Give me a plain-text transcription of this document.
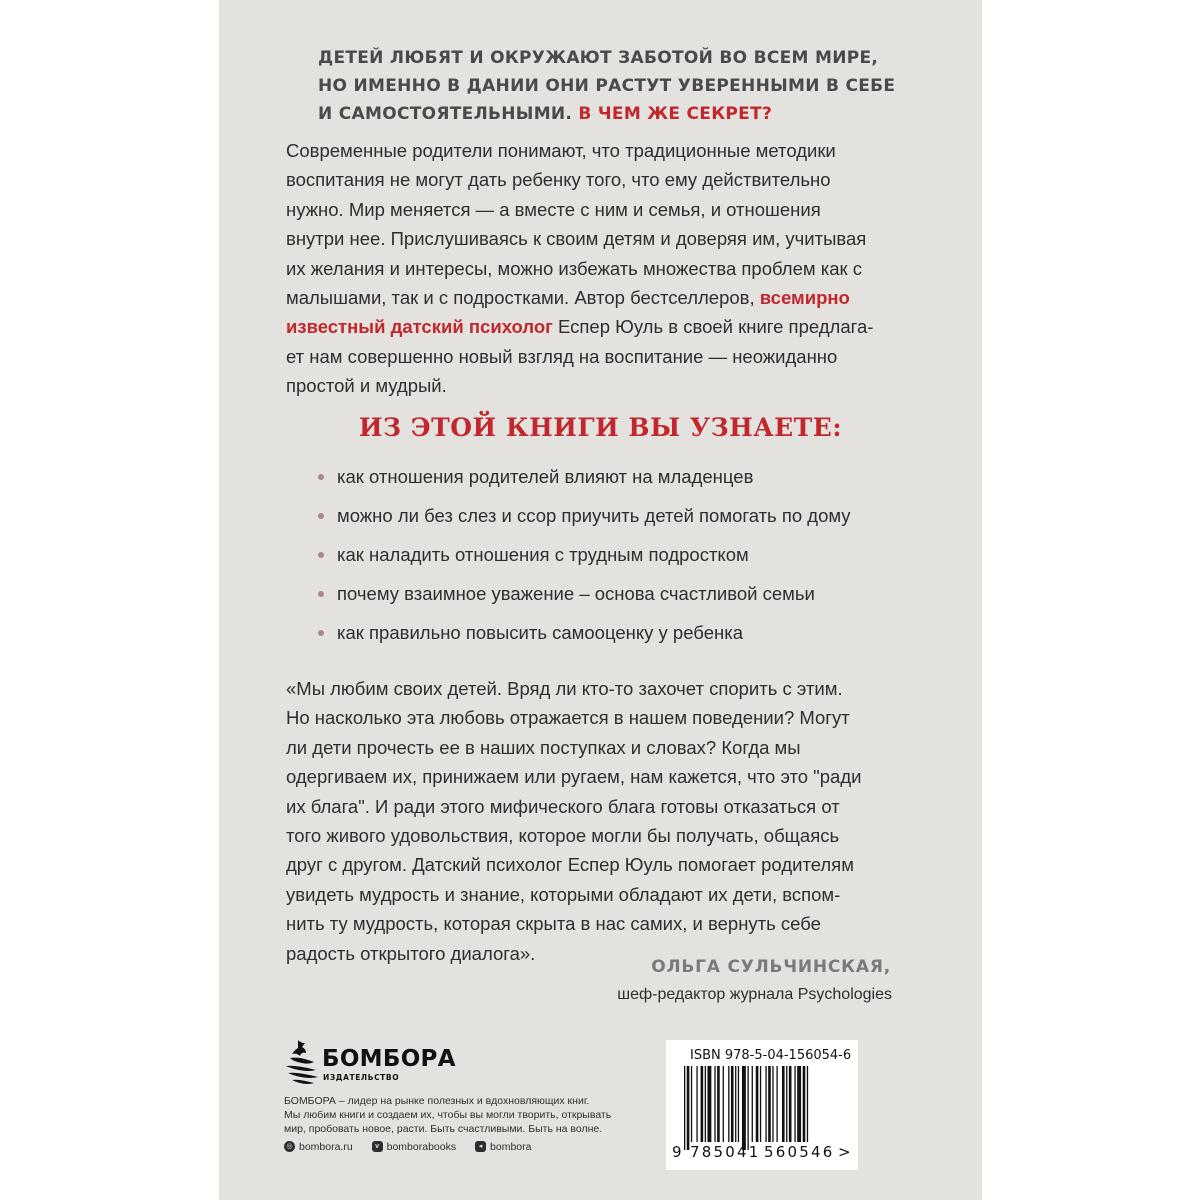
ДЕТЕЙ ЛЮБЯТ И ОКРУЖАЮТ ЗАБОТОЙ ВО ВСЕМ МИРЕ,
НО ИМЕННО В ДАНИИ ОНИ РАСТУТ УВЕРЕННЫМИ В СЕБЕ
И САМОСТОЯТЕЛЬНЫМИ. В ЧЕМ ЖЕ СЕКРЕТ?
Современные родители понимают, что традиционные методики
воспитания не могут дать ребенку того, что ему действительно
нужно. Мир меняется — а вместе с ним и семья, и отношения
внутри нее. Прислушиваясь к своим детям и доверяя им, учитывая
их желания и интересы, можно избежать множества проблем как с
малышами, так и с подростками. Автор бестселлеров, всемирно
известный датский психолог Еспер Юуль в своей книге предлага-
ет нам совершенно новый взгляд на воспитание — неожиданно
простой и мудрый.
ИЗ ЭТОЙ КНИГИ ВЫ УЗНАЕТЕ:
как отношения родителей влияют на младенцев
можно ли без слез и ссор приучить детей помогать по дому
как наладить отношения с трудным подростком
почему взаимное уважение – основа счастливой семьи
как правильно повысить самооценку у ребенка
«Мы любим своих детей. Вряд ли кто-то захочет спорить с этим.
Но насколько эта любовь отражается в нашем поведении? Могут
ли дети прочесть ее в наших поступках и словах? Когда мы
одергиваем их, принижаем или ругаем, нам кажется, что это "ради
их блага". И ради этого мифического блага готовы отказаться от
того живого удовольствия, которое могли бы получать, общаясь
друг с другом. Датский психолог Еспер Юуль помогает родителям
увидеть мудрость и знание, которыми обладают их дети, вспом-
нить ту мудрость, которая скрыта в нас самих, и вернуть себе
радость открытого диалога».
ОЛЬГА СУЛЬЧИНСКАЯ,
шеф-редактор журнала Psychologies
БОМБОРА
ИЗДАТЕЛЬСТВО
БОМБОРА – лидер на рынке полезных и вдохновляющих книг.
Мы любим книги и создаем их, чтобы вы могли творить, открывать
мир, пробовать новое, расти. Быть счастливыми. Быть на волне.
◎ bombora.ru
	v bomborabooks
	◂ bombora
ISBN 978-5-04-156054-6
9 785041 560546 >
